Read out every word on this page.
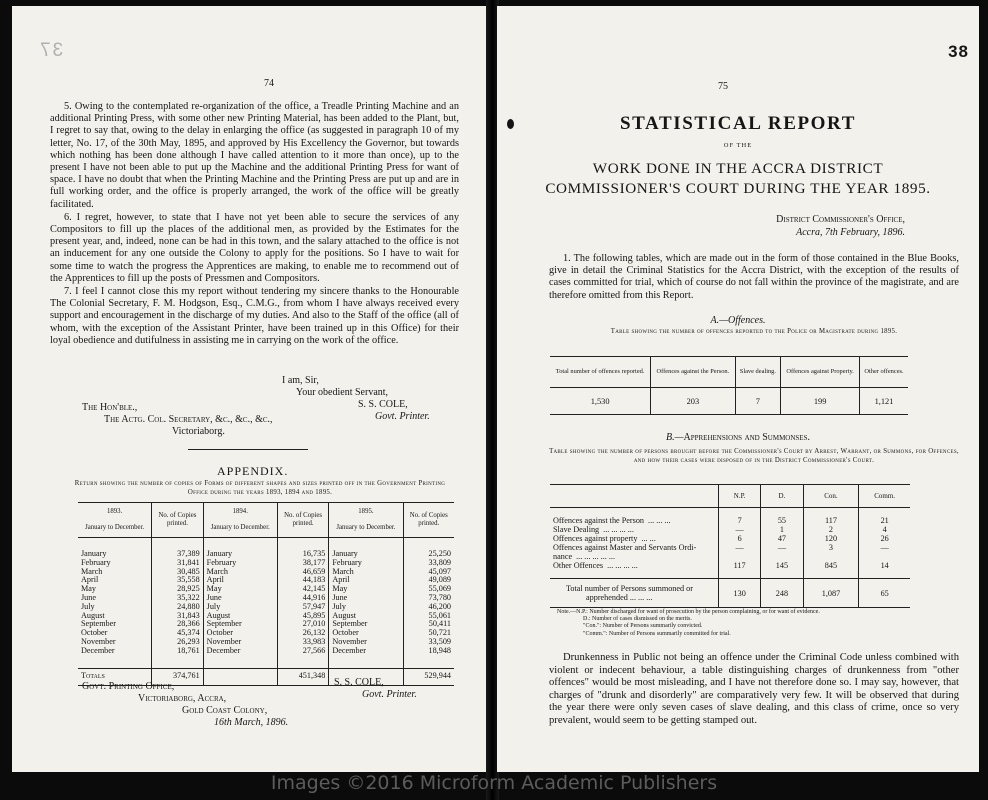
37
74

5. Owing to the contemplated re-organization of the office, a Treadle Printing Machine and an additional Printing Press, with some other new Printing Material, has been added to the Plant, but, I regret to say that, owing to the delay in enlarging the office (as suggested in paragraph 10 of my letter, No. 17, of the 30th May, 1895, and approved by His Excellency the Governor, but towards which nothing has been done although I have called attention to it more than once), up to the present I have not been able to put up the Machine and the additional Printing Press for want of space. I have no doubt that when the Printing Machine and the Printing Press are put up and are in full working order, and the office is properly arranged, the work of the office will be greatly facilitated.

6. I regret, however, to state that I have not yet been able to secure the services of any Compositors to fill up the places of the additional men, as provided by the Estimates for the present year, and, indeed, none can be had in this town, and the salary attached to the office is not an inducement for any one outside the Colony to apply for the positions. So I have to wait for some time to watch the progress the Apprentices are making, to enable me to recommend out of the Apprentices to fill up the posts of Pressmen and Compositors.

7. I feel I cannot close this my report without tendering my sincere thanks to the Honourable The Colonial Secretary, F. M. Hodgson, Esq., C.M.G., from whom I have always received every support and encouragement in the discharge of my duties. And also to the Staff of the office (all of whom, with the exception of the Assistant Printer, have been trained up in this Office) for their loyal obedience and dutifulness in assisting me in carrying on the work of the office.

I am, Sir,
Your obedient Servant,
S. S. COLE,
Govt. Printer.
The Hon'ble.,
The Actg. Col. Secretary, &c., &c., &c.,
Victoriaborg.
APPENDIX.
Return showing the number of copies of Forms of different shapes and sizes printed off in the Government Printing Office during the years 1893, 1894 and 1895.
1893.

January to December.	No. of Copies printed.	1894.

January to December.	No. of Copies printed.	1895.

January to December.	No. of Copies printed.

January	37,389	January	16,735	January	25,250
February	31,841	February	38,177	February	33,809
March	30,485	March	46,659	March	45,097
April	35,558	April	44,183	April	49,089
May	28,925	May	42,145	May	55,069
June	35,322	June	44,916	June	73,780
July	24,880	July	57,947	July	46,200
August	31,843	August	45,895	August	55,061
September	28,366	September	27,010	September	50,411
October	45,374	October	26,132	October	50,721
November	26,293	November	33,983	November	33,509
December	18,761	December	27,566	December	18,948

Totals	374,761		451,348		529,944
Govt. Printing Office,
Victoriaborg, Accra,
Gold Coast Colony,
16th March, 1896.
S. S. COLE,
Govt. Printer.
38
75
STATISTICAL REPORT
OF THE
WORK DONE IN THE ACCRA DISTRICT
COMMISSIONER'S COURT DURING THE YEAR 1895.
District Commissioner's Office,
Accra, 7th February, 1896.

1. The following tables, which are made out in the form of those contained in the Blue Books, give in detail the Criminal Statistics for the Accra District, with the exception of the results of cases committed for trial, which of course do not fall within the province of the magistrate, and are therefore omitted from this Report.

A.—Offences.
Table showing the number of offences reported to the Police or Magistrate during 1895.
Total number of offences reported.	Offences against the Person.	Slave dealing.	Offences against Property.	Other offences.
1,530	203	7	199	1,121
B.—Apprehensions and Summonses.
Table showing the number of persons brought before the Commissioner's Court by Arrest, Warrant, or Summons, for Offences, and how their cases were disposed of in the District Commissioner's Court.
	N.P.	D.	Con.	Comm.

Offences against the Person ... ... ...	7	55	117	21
Slave Dealing ... ... ... ...	—	1	2	4
Offences against property ... ...	6	47	120	26
Offences against Master and Servants Ordi-	—	—	3	—
nance ... ... ... ... ...				
Other Offences ... ... ... ...	117	145	845	14

Total number of Persons summoned or
apprehended ... ... ...	130	248	1,087	65
Note.—N.P.: Number discharged for want of prosecution by the person complaining, or for want of evidence.
D.: Number of cases dismissed on the merits.
"Con.": Number of Persons summarily convicted.
"Comm.": Number of Persons summarily committed for trial.

Drunkenness in Public not being an offence under the Criminal Code unless combined with violent or indecent behaviour, a table distinguishing charges of drunkenness from "other offences" would be most misleading, and I have not therefore done so. I may say, however, that charges of "drunk and disorderly" are comparatively very few. It will be observed that during the year there were only seven cases of slave dealing, and this class of crime, once so very prevalent, would seem to be getting stamped out.

Images ©2016 Microform Academic Publishers
